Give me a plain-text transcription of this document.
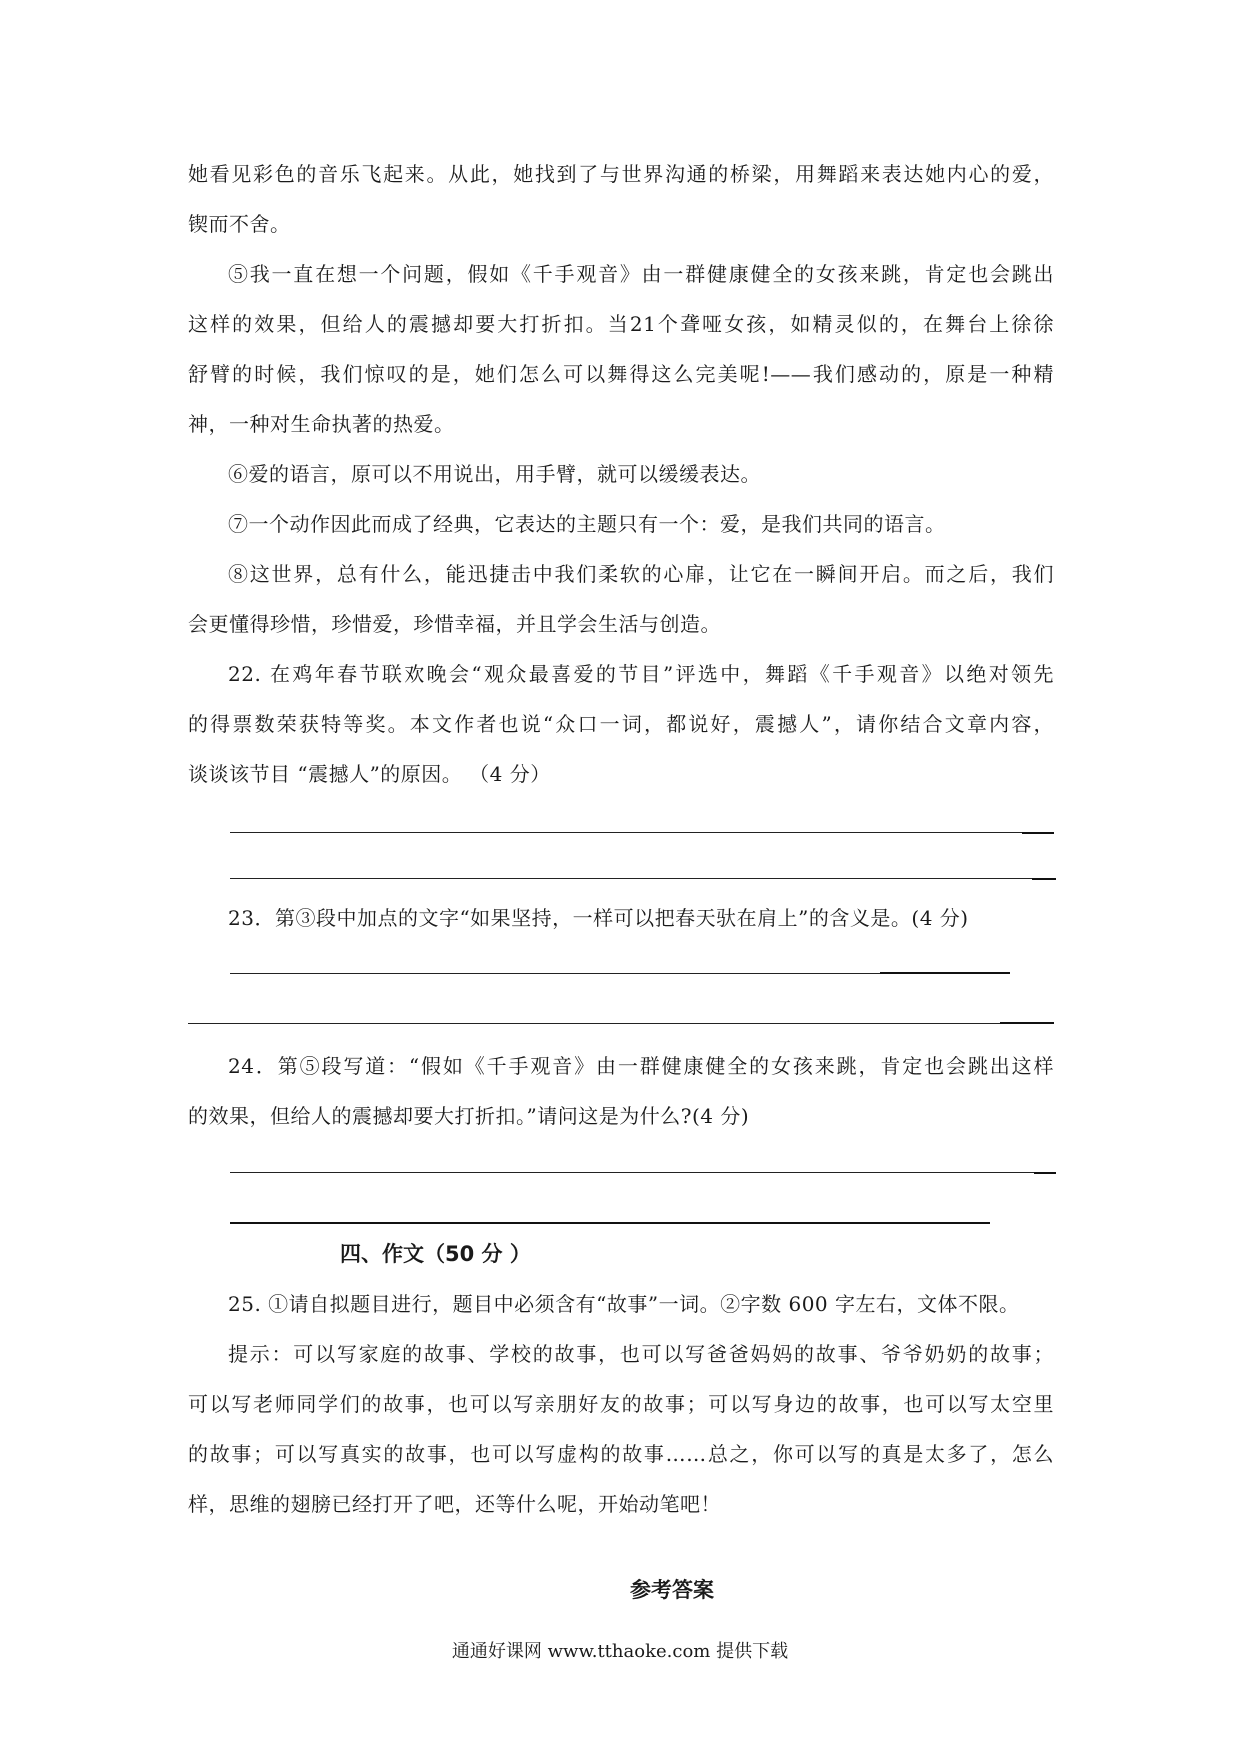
她看见彩色的音乐飞起来。从此，她找到了与世界沟通的桥梁，用舞蹈来表达她内心的爱，
锲而不舍。
⑤我一直在想一个问题，假如《千手观音》由一群健康健全的女孩来跳，肯定也会跳出
这样的效果，但给人的震撼却要大打折扣。当21个聋哑女孩，如精灵似的，在舞台上徐徐
舒臂的时候，我们惊叹的是，她们怎么可以舞得这么完美呢!——我们感动的，原是一种精
神，一种对生命执著的热爱。
⑥爱的语言，原可以不用说出，用手臂，就可以缓缓表达。
⑦一个动作因此而成了经典，它表达的主题只有一个：爱，是我们共同的语言。
⑧这世界，总有什么，能迅捷击中我们柔软的心扉，让它在一瞬间开启。而之后，我们
会更懂得珍惜，珍惜爱，珍惜幸福，并且学会生活与创造。
22. 在鸡年春节联欢晚会“观众最喜爱的节目”评选中，舞蹈《千手观音》以绝对领先
的得票数荣获特等奖。本文作者也说“众口一词，都说好，震撼人”，请你结合文章内容，
谈谈该节目 “震撼人”的原因。 （4 分）
23．第③段中加点的文字“如果坚持，一样可以把春天驮在肩上”的含义是。(4 分)
24．第⑤段写道：“假如《千手观音》由一群健康健全的女孩来跳，肯定也会跳出这样
的效果，但给人的震撼却要大打折扣。”请问这是为什么?(4 分)
四、作文（50 分 ）
25. ①请自拟题目进行，题目中必须含有“故事”一词。②字数 600 字左右，文体不限。
提示：可以写家庭的故事、学校的故事，也可以写爸爸妈妈的故事、爷爷奶奶的故事；
可以写老师同学们的故事，也可以写亲朋好友的故事；可以写身边的故事，也可以写太空里
的故事；可以写真实的故事，也可以写虚构的故事……总之，你可以写的真是太多了，怎么
样，思维的翅膀已经打开了吧，还等什么呢，开始动笔吧！
参考答案
通通好课网 www.tthaoke.com 提供下载
